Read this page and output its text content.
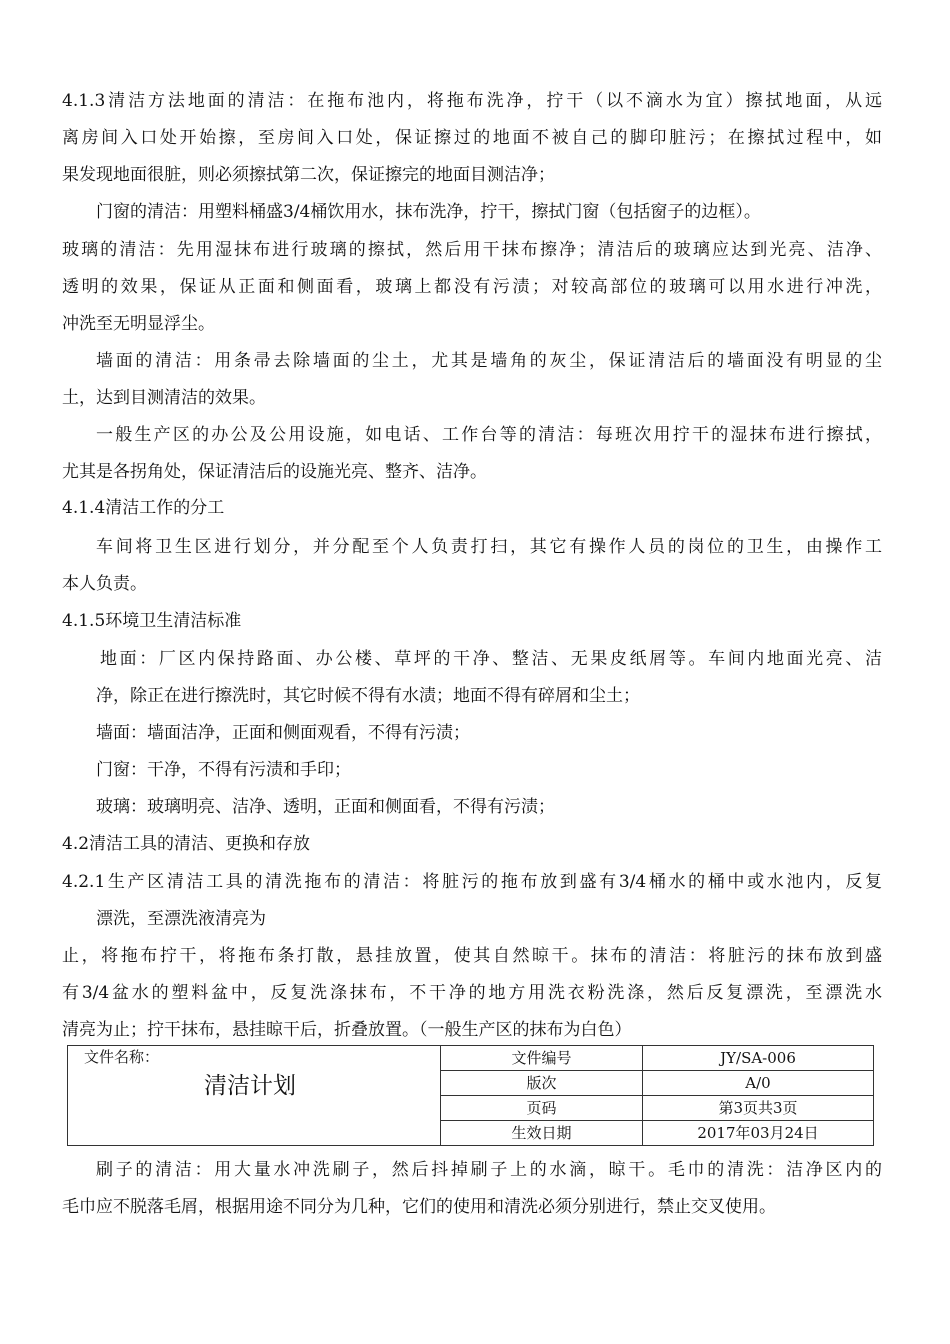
4.1.3清洁方法地面的清洁：在拖布池内，将拖布洗净，拧干（以不滴水为宜）擦拭地面，从远
离房间入口处开始擦，至房间入口处，保证擦过的地面不被自己的脚印脏污；在擦拭过程中，如
果发现地面很脏，则必须擦拭第二次，保证擦完的地面目测洁净；
门窗的清洁：用塑料桶盛3/4桶饮用水，抹布洗净，拧干，擦拭门窗（包括窗子的边框）。
玻璃的清洁：先用湿抹布进行玻璃的擦拭，然后用干抹布擦净；清洁后的玻璃应达到光亮、洁净、
透明的效果，保证从正面和侧面看，玻璃上都没有污渍；对较高部位的玻璃可以用水进行冲洗，
冲洗至无明显浮尘。
墙面的清洁：用条帚去除墙面的尘土，尤其是墙角的灰尘，保证清洁后的墙面没有明显的尘
土，达到目测清洁的效果。
一般生产区的办公及公用设施，如电话、工作台等的清洁：每班次用拧干的湿抹布进行擦拭，
尤其是各拐角处，保证清洁后的设施光亮、整齐、洁净。
4.1.4清洁工作的分工
车间将卫生区进行划分，并分配至个人负责打扫，其它有操作人员的岗位的卫生，由操作工
本人负责。
4.1.5环境卫生清洁标准
地面：厂区内保持路面、办公楼、草坪的干净、整洁、无果皮纸屑等。车间内地面光亮、洁
净，除正在进行擦洗时，其它时候不得有水渍；地面不得有碎屑和尘土；
墙面：墙面洁净，正面和侧面观看，不得有污渍；
门窗：干净，不得有污渍和手印；
玻璃：玻璃明亮、洁净、透明，正面和侧面看，不得有污渍；
4.2清洁工具的清洁、更换和存放
4.2.1生产区清洁工具的清洗拖布的清洁：将脏污的拖布放到盛有3/4桶水的桶中或水池内，反复
漂洗，至漂洗液清亮为
止，将拖布拧干，将拖布条打散，悬挂放置，使其自然晾干。抹布的清洁：将脏污的抹布放到盛
有3/4盆水的塑料盆中，反复洗涤抹布，不干净的地方用洗衣粉洗涤，然后反复漂洗，至漂洗水
清亮为止；拧干抹布，悬挂晾干后，折叠放置。（一般生产区的抹布为白色）
文件名称：
清洁计划	文件编号	JY/SA-006
	版次	A/0
	页码	第3页共3页
	生效日期	2017年03月24日
刷子的清洁：用大量水冲洗刷子，然后抖掉刷子上的水滴，晾干。毛巾的清洗：洁净区内的
毛巾应不脱落毛屑，根据用途不同分为几种，它们的使用和清洗必须分别进行，禁止交叉使用。
